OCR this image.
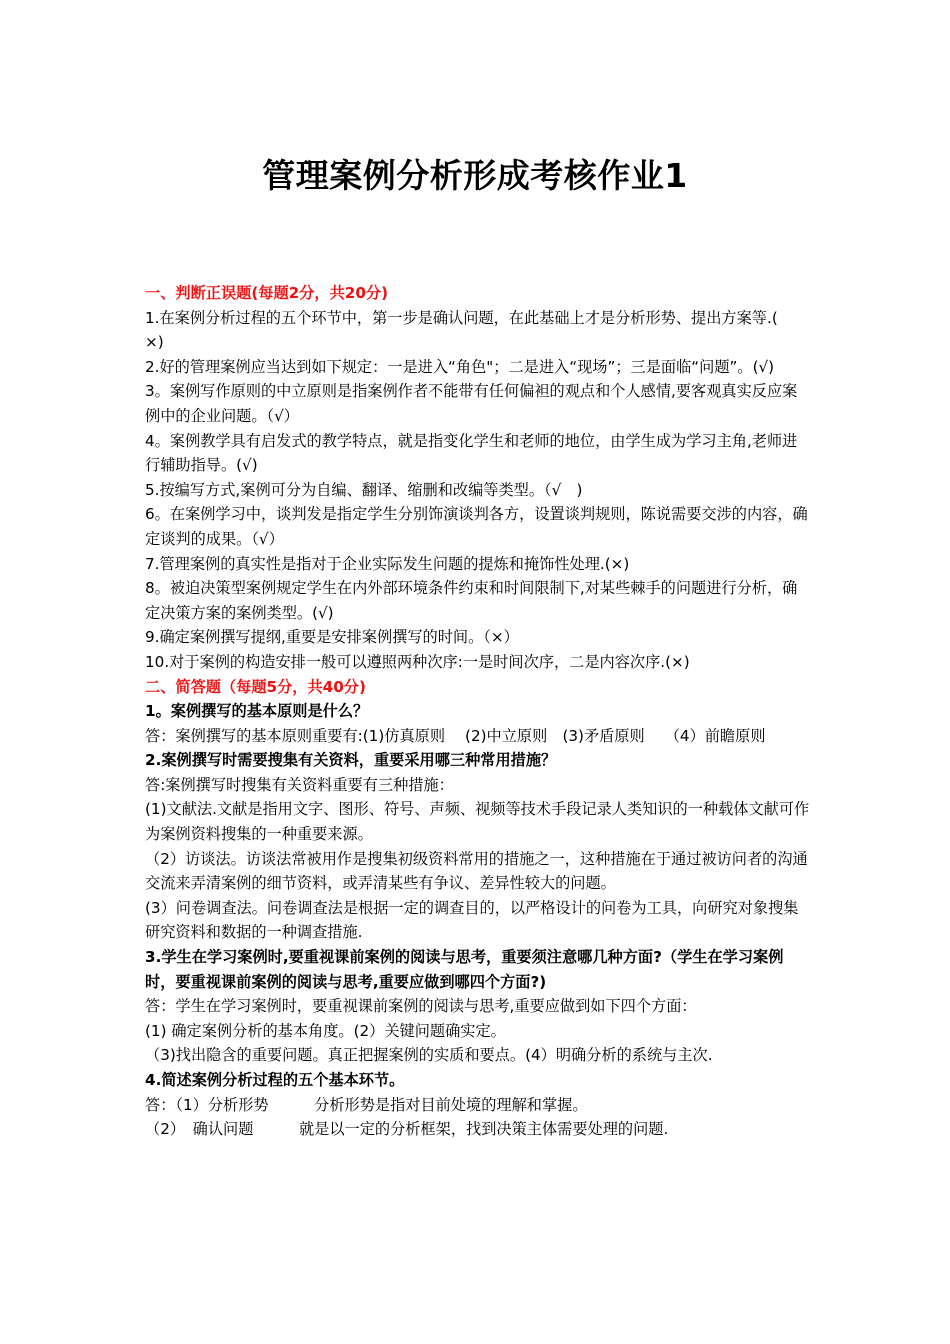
管理案例分析形成考核作业1

一、判断正误题(每题2分，共20分)

1.在案例分析过程的五个环节中，第一步是确认问题，在此基础上才是分析形势、提出方案等.(　×)

2.好的管理案例应当达到如下规定：一是进入“角色"；二是进入“现场”；三是面临“问题”。(√)

3。案例写作原则的中立原则是指案例作者不能带有任何偏袒的观点和个人感情,要客观真实反应案例中的企业问题。（√）

4。案例教学具有启发式的教学特点，就是指变化学生和老师的地位，由学生成为学习主角,老师进行辅助指导。(√)

5.按编写方式,案例可分为自编、翻译、缩删和改编等类型。（√　)

6。在案例学习中，谈判发是指定学生分别饰演谈判各方，设置谈判规则，陈说需要交涉的内容，确定谈判的成果。（√）

7.管理案例的真实性是指对于企业实际发生问题的提炼和掩饰性处理.(×)

8。被迫决策型案例规定学生在内外部环境条件约束和时间限制下,对某些棘手的问题进行分析，确定决策方案的案例类型。(√)

9.确定案例撰写提纲,重要是安排案例撰写的时间。（×）

10.对于案例的构造安排一般可以遵照两种次序:一是时间次序，二是内容次序.(×)

二、简答题（每题5分，共40分)

1。案例撰写的基本原则是什么？

答：案例撰写的基本原则重要有:(1)仿真原则　 (2)中立原则　(3)矛盾原则　 （4）前瞻原则

2.案例撰写时需要搜集有关资料，重要采用哪三种常用措施？

答:案例撰写时搜集有关资料重要有三种措施：

(1)文献法.文献是指用文字、图形、符号、声频、视频等技术手段记录人类知识的一种载体文献可作为案例资料搜集的一种重要来源。

（2）访谈法。访谈法常被用作是搜集初级资料常用的措施之一，这种措施在于通过被访问者的沟通交流来弄清案例的细节资料，或弄清某些有争议、差异性较大的问题。

(3）问卷调查法。问卷调查法是根据一定的调查目的，以严格设计的问卷为工具，向研究对象搜集研究资料和数据的一种调查措施.

3.学生在学习案例时,要重视课前案例的阅读与思考，重要须注意哪几种方面?（学生在学习案例时，要重视课前案例的阅读与思考,重要应做到哪四个方面?)

答：学生在学习案例时，要重视课前案例的阅读与思考,重要应做到如下四个方面：

(1) 确定案例分析的基本角度。(2）关键问题确实定。

（3)找出隐含的重要问题。真正把握案例的实质和要点。(4）明确分析的系统与主次.

4.简述案例分析过程的五个基本环节。

答：（1）分析形势　　　分析形势是指对目前处境的理解和掌握。

（2）　确认问题　　　就是以一定的分析框架，找到决策主体需要处理的问题.
